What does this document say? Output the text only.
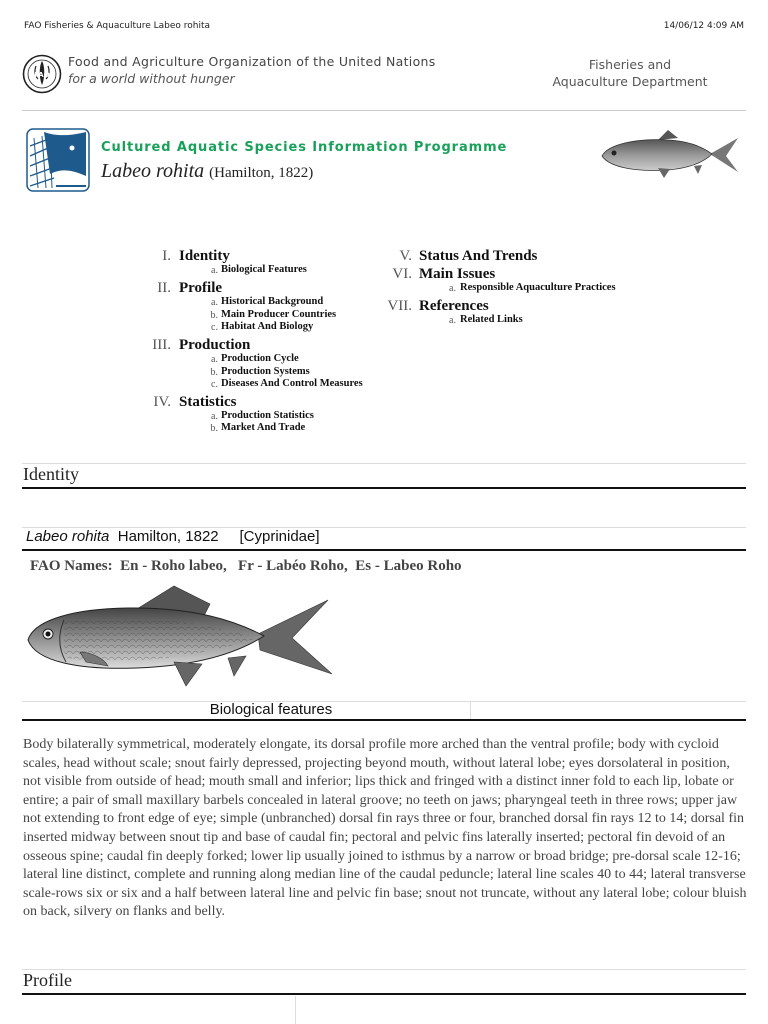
FAO Fisheries & Aquaculture Labeo rohita	14/06/12 4:09 AM
FAO
Food and Agriculture Organization of the United Nations
for a world without hunger
Fisheries and
Aquaculture Department
Cultured Aquatic Species Information Programme
Labeo rohita (Hamilton, 1822)
I. Identity
a. Biological Features
II. Profile
a. Historical Background
b. Main Producer Countries
c. Habitat And Biology
III. Production
a. Production Cycle
b. Production Systems
c. Diseases And Control Measures
IV. Statistics
a. Production Statistics
b. Market And Trade
V. Status And Trends
VI. Main Issues
a. Responsible Aquaculture Practices
VII. References
a. Related Links
Identity
Labeo rohita Hamilton, 1822 [Cyprinidae]
FAO Names:  En - Roho labeo,   Fr - Labéo Roho,  Es - Labeo Roho
Biological features
Body bilaterally symmetrical, moderately elongate, its dorsal profile more arched than the ventral profile; body with cycloid scales, head without scale; snout fairly depressed, projecting beyond mouth, without lateral lobe; eyes dorsolateral in position, not visible from outside of head; mouth small and inferior; lips thick and fringed with a distinct inner fold to each lip, lobate or entire; a pair of small maxillary barbels concealed in lateral groove; no teeth on jaws; pharyngeal teeth in three rows; upper jaw not extending to front edge of eye; simple (unbranched) dorsal fin rays three or four, branched dorsal fin rays 12 to 14; dorsal fin inserted midway between snout tip and base of caudal fin; pectoral and pelvic fins laterally inserted; pectoral fin devoid of an osseous spine; caudal fin deeply forked; lower lip usually joined to isthmus by a narrow or broad bridge; pre-dorsal scale 12-16; lateral line distinct, complete and running along median line of the caudal peduncle; lateral line scales 40 to 44; lateral transverse scale-rows six or six and a half between lateral line and pelvic fin base; snout not truncate, without any lateral lobe; colour bluish on back, silvery on flanks and belly.
Profile
